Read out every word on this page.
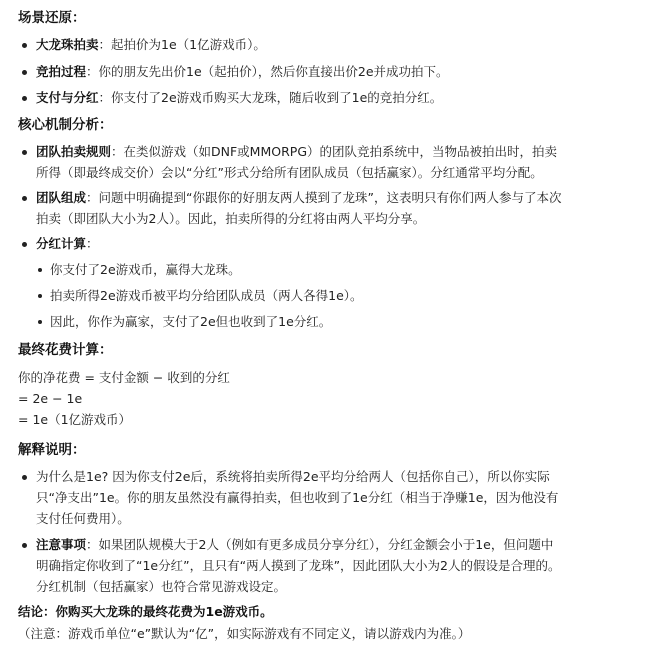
场景还原：
大龙珠拍卖：起拍价为1e（1亿游戏币）。
竞拍过程：你的朋友先出价1e（起拍价），然后你直接出价2e并成功拍下。
支付与分红：你支付了2e游戏币购买大龙珠，随后收到了1e的竞拍分红。
核心机制分析：
团队拍卖规则：在类似游戏（如DNF或MMORPG）的团队竞拍系统中，当物品被拍出时，拍卖
所得（即最终成交价）会以“分红”形式分给所有团队成员（包括赢家）。分红通常平均分配。
团队组成：问题中明确提到“你跟你的好朋友两人摸到了龙珠”，这表明只有你们两人参与了本次
拍卖（即团队大小为2人）。因此，拍卖所得的分红将由两人平均分享。
分红计算：
你支付了2e游戏币，赢得大龙珠。
拍卖所得2e游戏币被平均分给团队成员（两人各得1e）。
因此，你作为赢家，支付了2e但也收到了1e分红。
最终花费计算：
你的净花费 = 支付金额 − 收到的分红
= 2e − 1e
= 1e（1亿游戏币）
解释说明：
为什么是1e? 因为你支付2e后，系统将拍卖所得2e平均分给两人（包括你自己），所以你实际
只“净支出”1e。你的朋友虽然没有赢得拍卖，但也收到了1e分红（相当于净赚1e，因为他没有
支付任何费用）。
注意事项：如果团队规模大于2人（例如有更多成员分享分红），分红金额会小于1e，但问题中
明确指定你收到了“1e分红”，且只有“两人摸到了龙珠”，因此团队大小为2人的假设是合理的。
分红机制（包括赢家）也符合常见游戏设定。
结论：你购买大龙珠的最终花费为1e游戏币。
（注意：游戏币单位“e”默认为“亿”，如实际游戏有不同定义，请以游戏内为准。）
